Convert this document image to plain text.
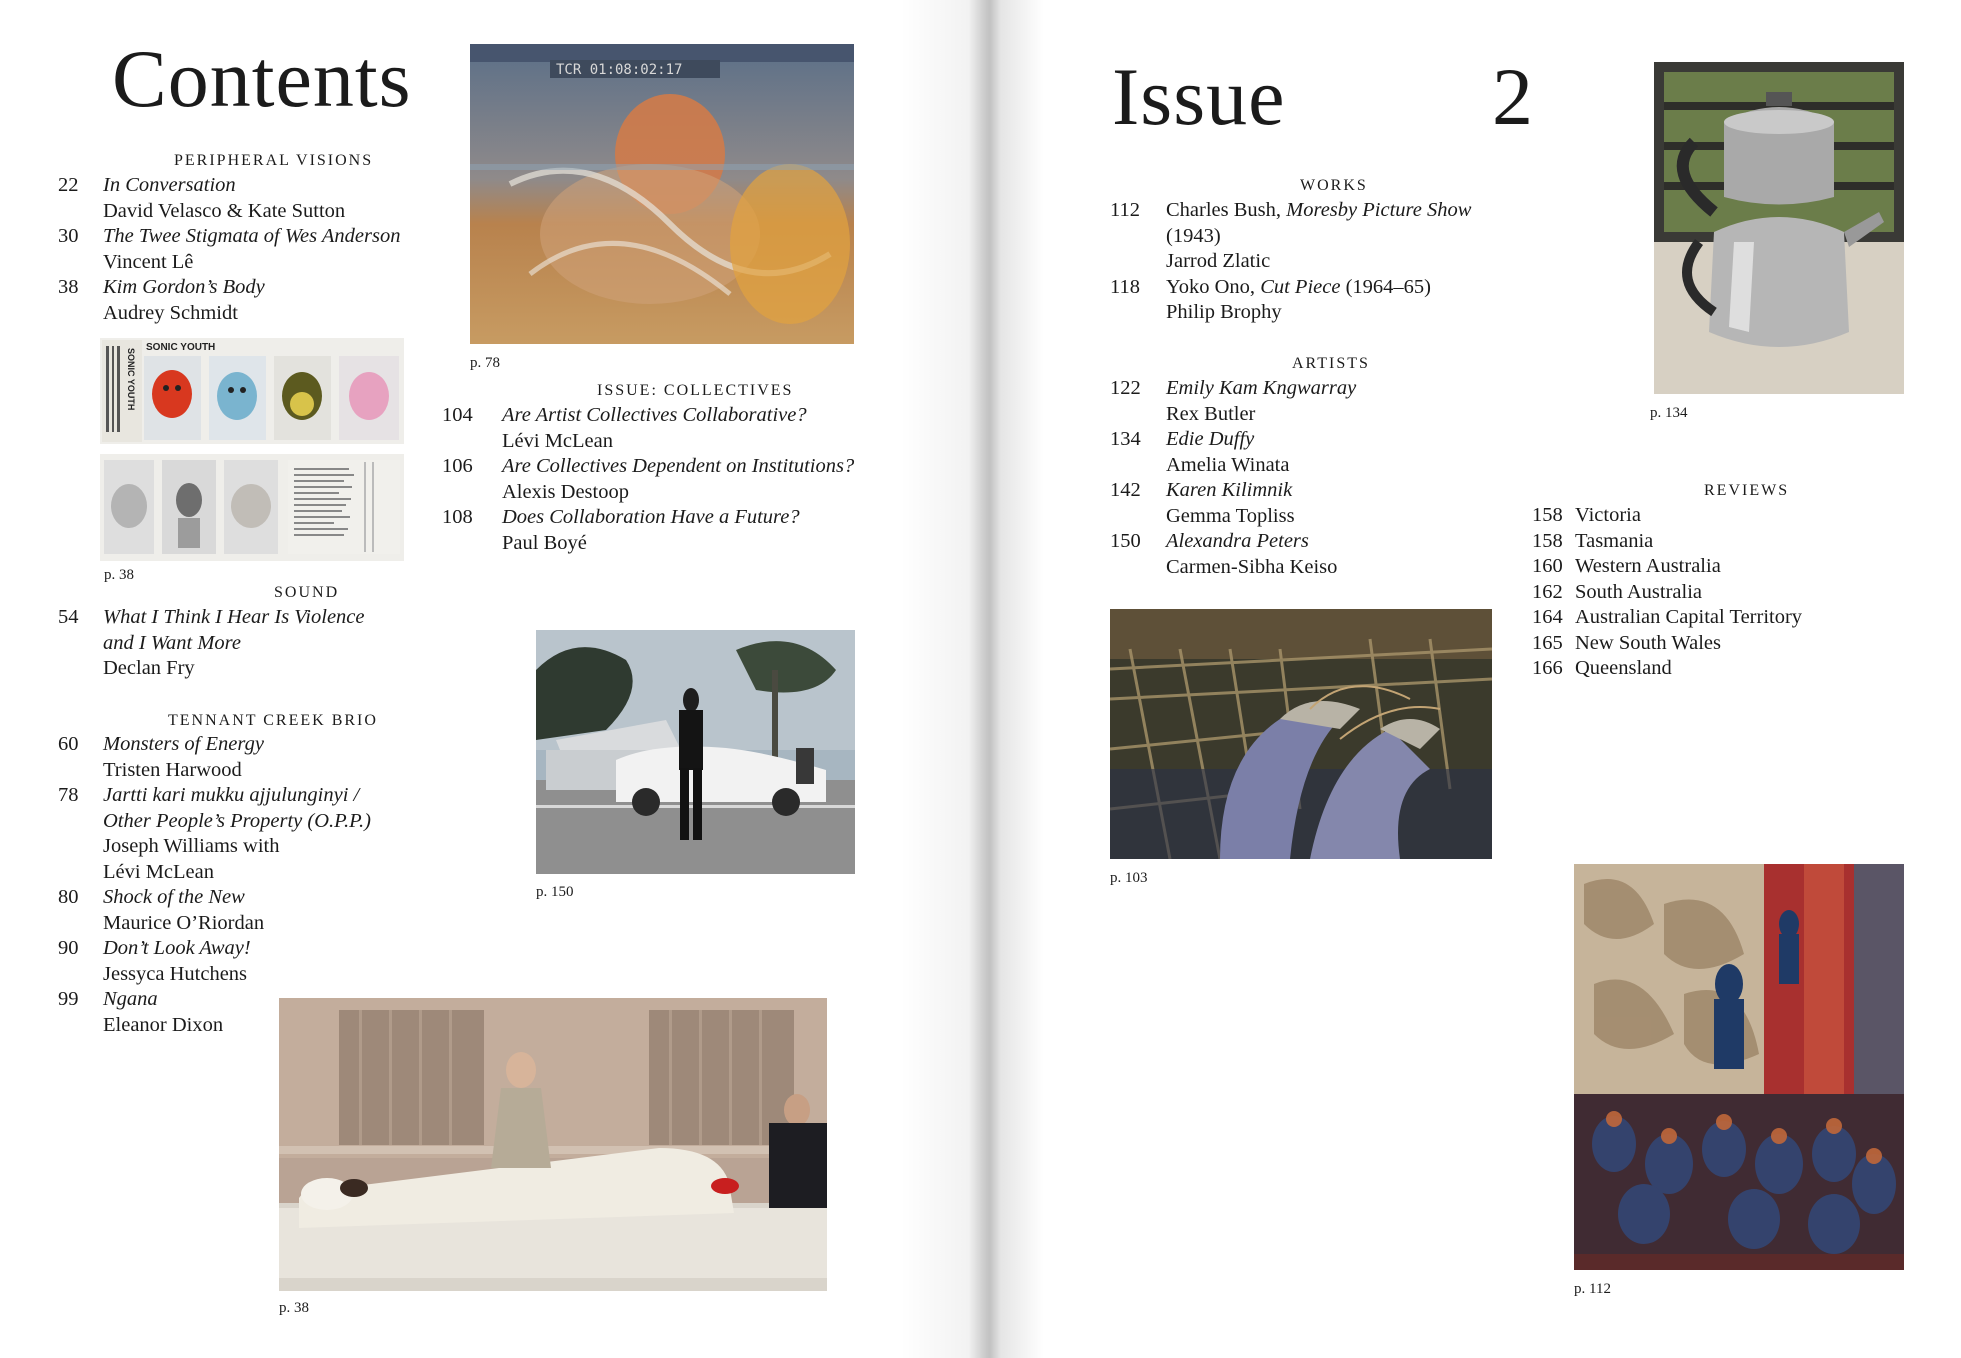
Contents
PERIPHERAL VISIONS
22 In Conversation
David Velasco & Kate Sutton
30 The Twee Stigmata of Wes Anderson
Vincent Lê
38 Kim Gordon’s Body
Audrey Schmidt
SONIC YOUTH
SONIC YOUTH
p. 38
SOUND
54 What I Think I Hear Is Violence and I Want More
Declan Fry
TENNANT CREEK BRIO
60 Monsters of Energy
Tristen Harwood
78 Jartti kari mukku ajjulunginyi / Other People’s Property (O.P.P.)
Joseph Williams with Lévi McLean
80 Shock of the New
Maurice O’Riordan
90 Don’t Look Away!
Jessyca Hutchens
99 Ngana
Eleanor Dixon
TCR 01:08:02:17
p. 78
ISSUE: COLLECTIVES
104 Are Artist Collectives Collaborative?
Lévi McLean
106 Are Collectives Dependent on Institutions?
Alexis Destoop
108 Does Collaboration Have a Future?
Paul Boyé
p. 150
p. 38
Issue	2
WORKS
112 Charles Bush, Moresby Picture Show
(1943)
Jarrod Zlatic
118 Yoko Ono, Cut Piece (1964–65)
Philip Brophy
ARTISTS
122 Emily Kam Kngwarray
Rex Butler
134 Edie Duffy
Amelia Winata
142 Karen Kilimnik
Gemma Topliss
150 Alexandra Peters
Carmen-Sibha Keiso
p. 103
p. 134
REVIEWS
158 Victoria
158 Tasmania
160 Western Australia
162 South Australia
164 Australian Capital Territory
165 New South Wales
166 Queensland
p. 112
